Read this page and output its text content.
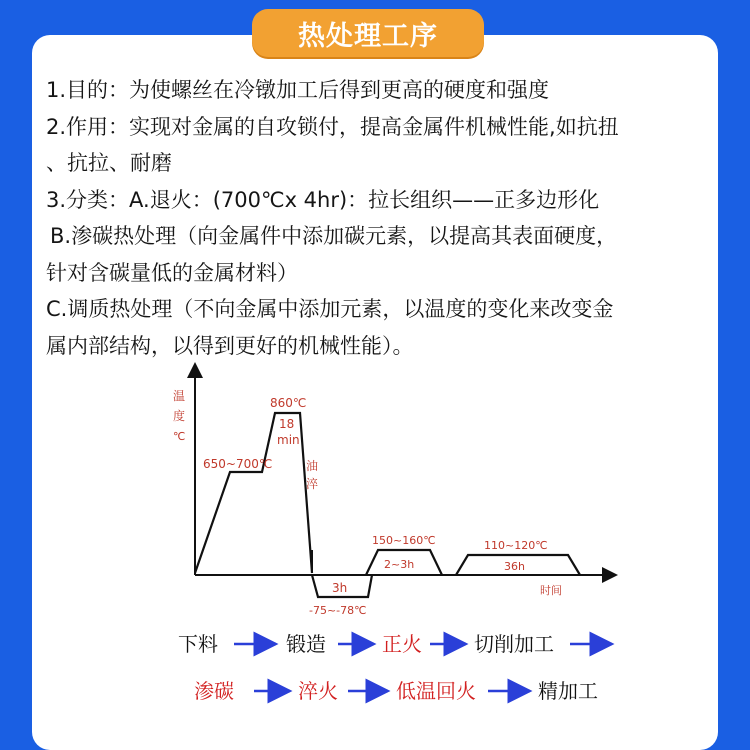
热处理工序
1.目的：为使螺丝在冷镦加工后得到更高的硬度和强度
2.作用：实现对金属的自攻锁付，提高金属件机械性能,如抗扭
、抗拉、耐磨
3.分类：A.退火：(700℃x 4hr)：拉长组织——正多边形化
B.渗碳热处理（向金属件中添加碳元素，以提高其表面硬度，
针对含碳量低的金属材料）
C.调质热处理（不向金属中添加元素，以温度的变化来改变金
属内部结构，以得到更好的机械性能）。
温
度
℃
650~700℃
860℃
18
min
油
淬
3h
-75~-78℃
150~160℃
2~3h
110~120℃
36h
时间
下料	锻造	正火	切削加工
渗碳	淬火	低温回火	精加工
